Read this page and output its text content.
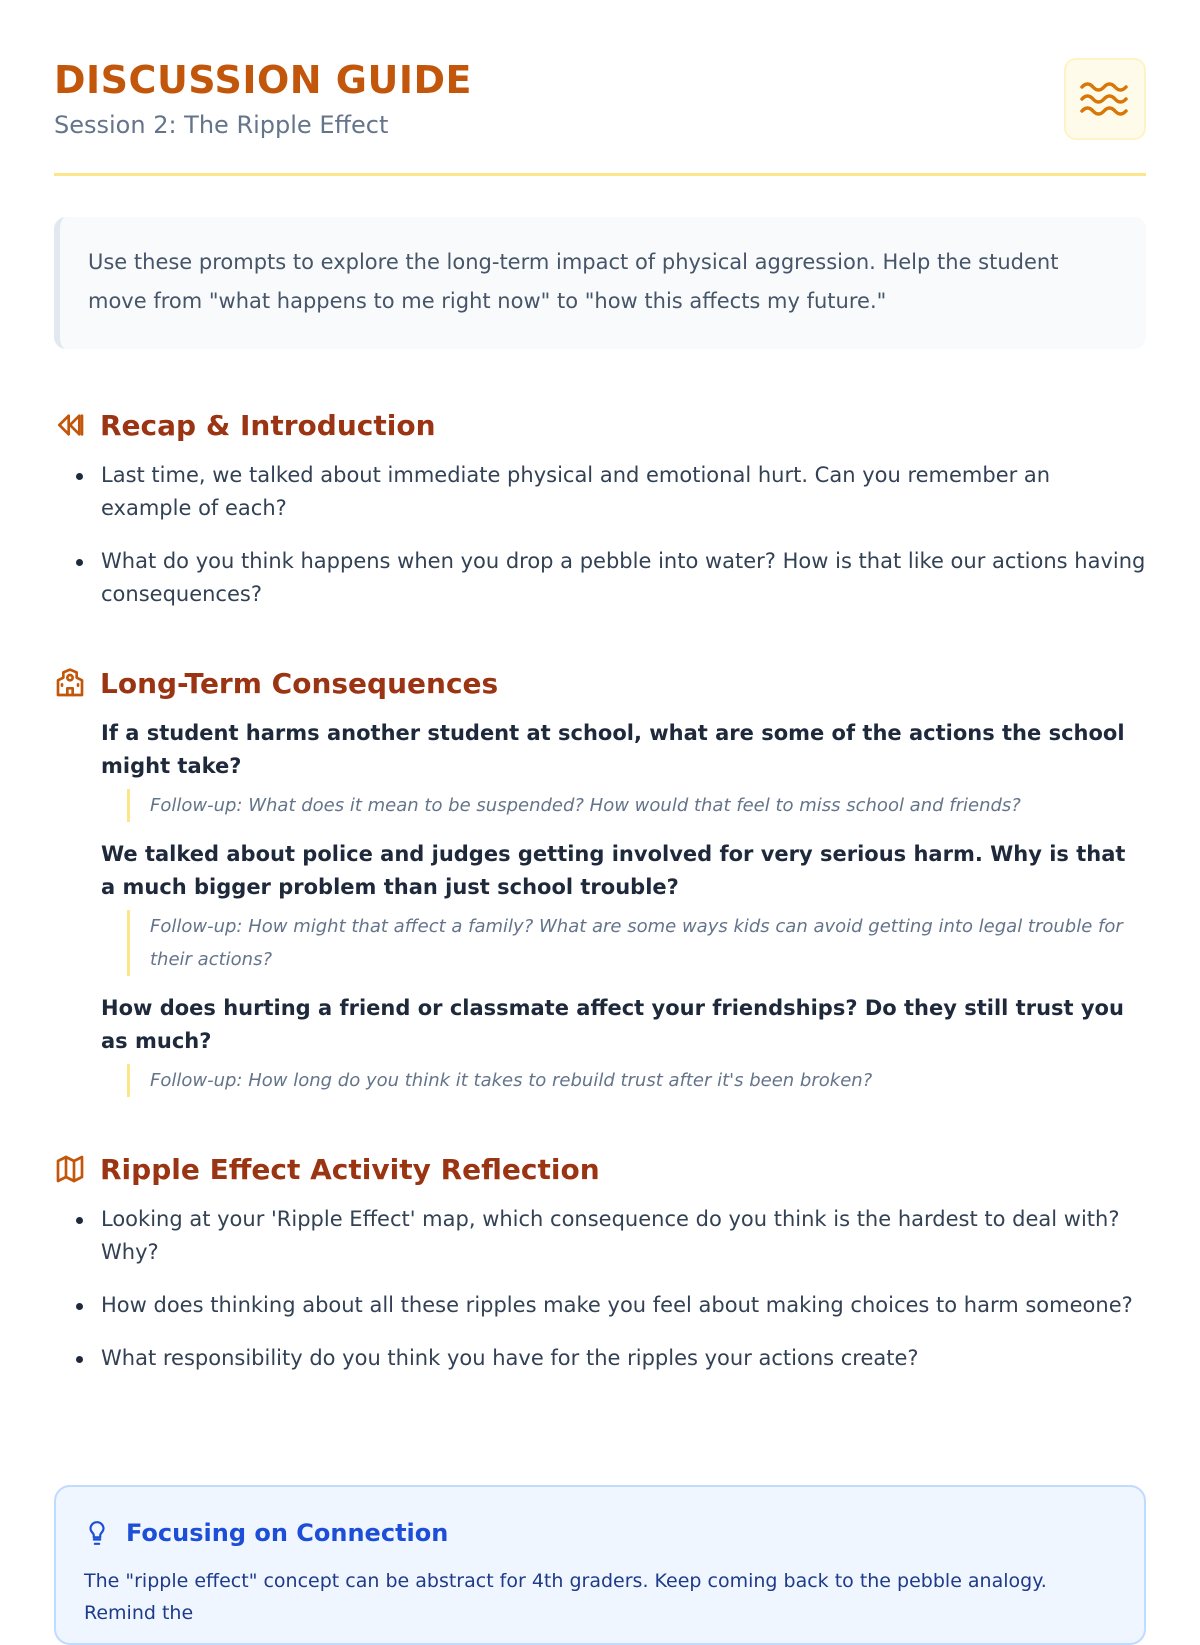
DISCUSSION GUIDE

Session 2: The Ripple Effect

Use these prompts to explore the long-term impact of physical aggression. Help the student move from "what happens to me right now" to "how this affects my future."
Recap & Introduction
Last time, we talked about immediate physical and emotional hurt. Can you remember an example of each?
What do you think happens when you drop a pebble into water? How is that like our actions having consequences?
Long-Term Consequences
If a student harms another student at school, what are some of the actions the school might take?
Follow-up: What does it mean to be suspended? How would that feel to miss school and friends?
We talked about police and judges getting involved for very serious harm. Why is that a much bigger problem than just school trouble?
Follow-up: How might that affect a family? What are some ways kids can avoid getting into legal trouble for their actions?
How does hurting a friend or classmate affect your friendships? Do they still trust you as much?
Follow-up: How long do you think it takes to rebuild trust after it's been broken?
Ripple Effect Activity Reflection
Looking at your 'Ripple Effect' map, which consequence do you think is the hardest to deal with? Why?
How does thinking about all these ripples make you feel about making choices to harm someone?
What responsibility do you think you have for the ripples your actions create?
Focusing on Connection
The "ripple effect" concept can be abstract for 4th graders. Keep coming back to the pebble analogy. Remind the
